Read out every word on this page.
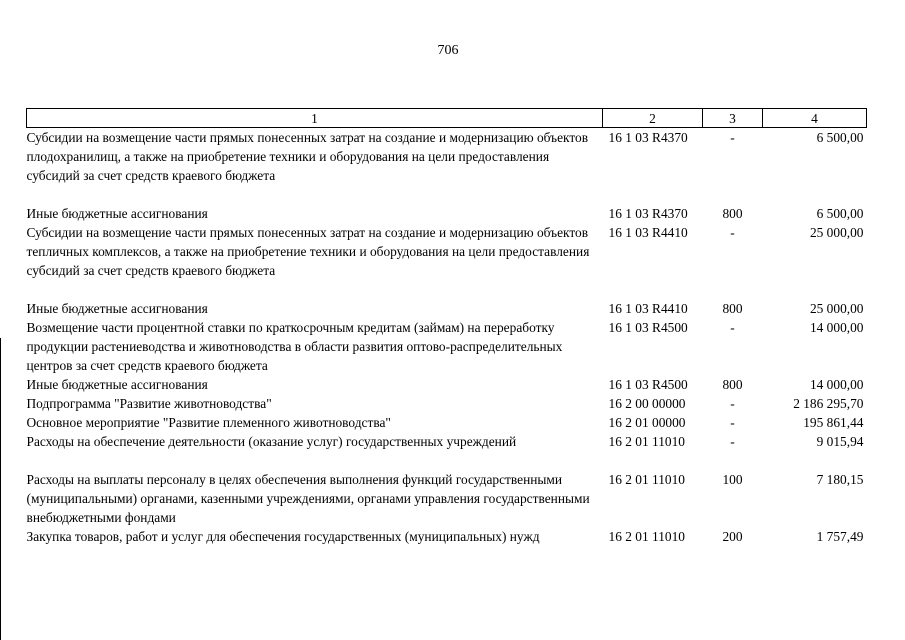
706
1	2	3	4
Субсидии на возмещение части прямых понесенных затрат на создание и модернизацию объектов плодохранилищ, а также на приобретение техники и оборудования на цели предоставления субсидий за счет средств краевого бюджета	16 1 03 R4370	-	6 500,00
Иные бюджетные ассигнования	16 1 03 R4370	800	6 500,00
Субсидии на возмещение части прямых понесенных затрат на создание и модернизацию объектов тепличных комплексов, а также на приобретение техники и оборудования на цели предоставления субсидий за счет средств краевого бюджета	16 1 03 R4410	-	25 000,00
Иные бюджетные ассигнования	16 1 03 R4410	800	25 000,00
Возмещение части процентной ставки по краткосрочным кредитам (займам) на переработку продукции растениеводства и животноводства в области развития оптово-распределительных центров за счет средств краевого бюджета	16 1 03 R4500	-	14 000,00
Иные бюджетные ассигнования	16 1 03 R4500	800	14 000,00
Подпрограмма "Развитие животноводства"	16 2 00 00000	-	2 186 295,70
Основное мероприятие "Развитие племенного животноводства"	16 2 01 00000	-	195 861,44
Расходы на обеспечение деятельности (оказание услуг) государственных учреждений	16 2 01 11010	-	9 015,94
Расходы на выплаты персоналу в целях обеспечения выполнения функций государственными (муниципальными) органами, казенными учреждениями, органами управления государственными внебюджетными фондами	16 2 01 11010	100	7 180,15
Закупка товаров, работ и услуг для обеспечения государственных (муниципальных) нужд	16 2 01 11010	200	1 757,49
